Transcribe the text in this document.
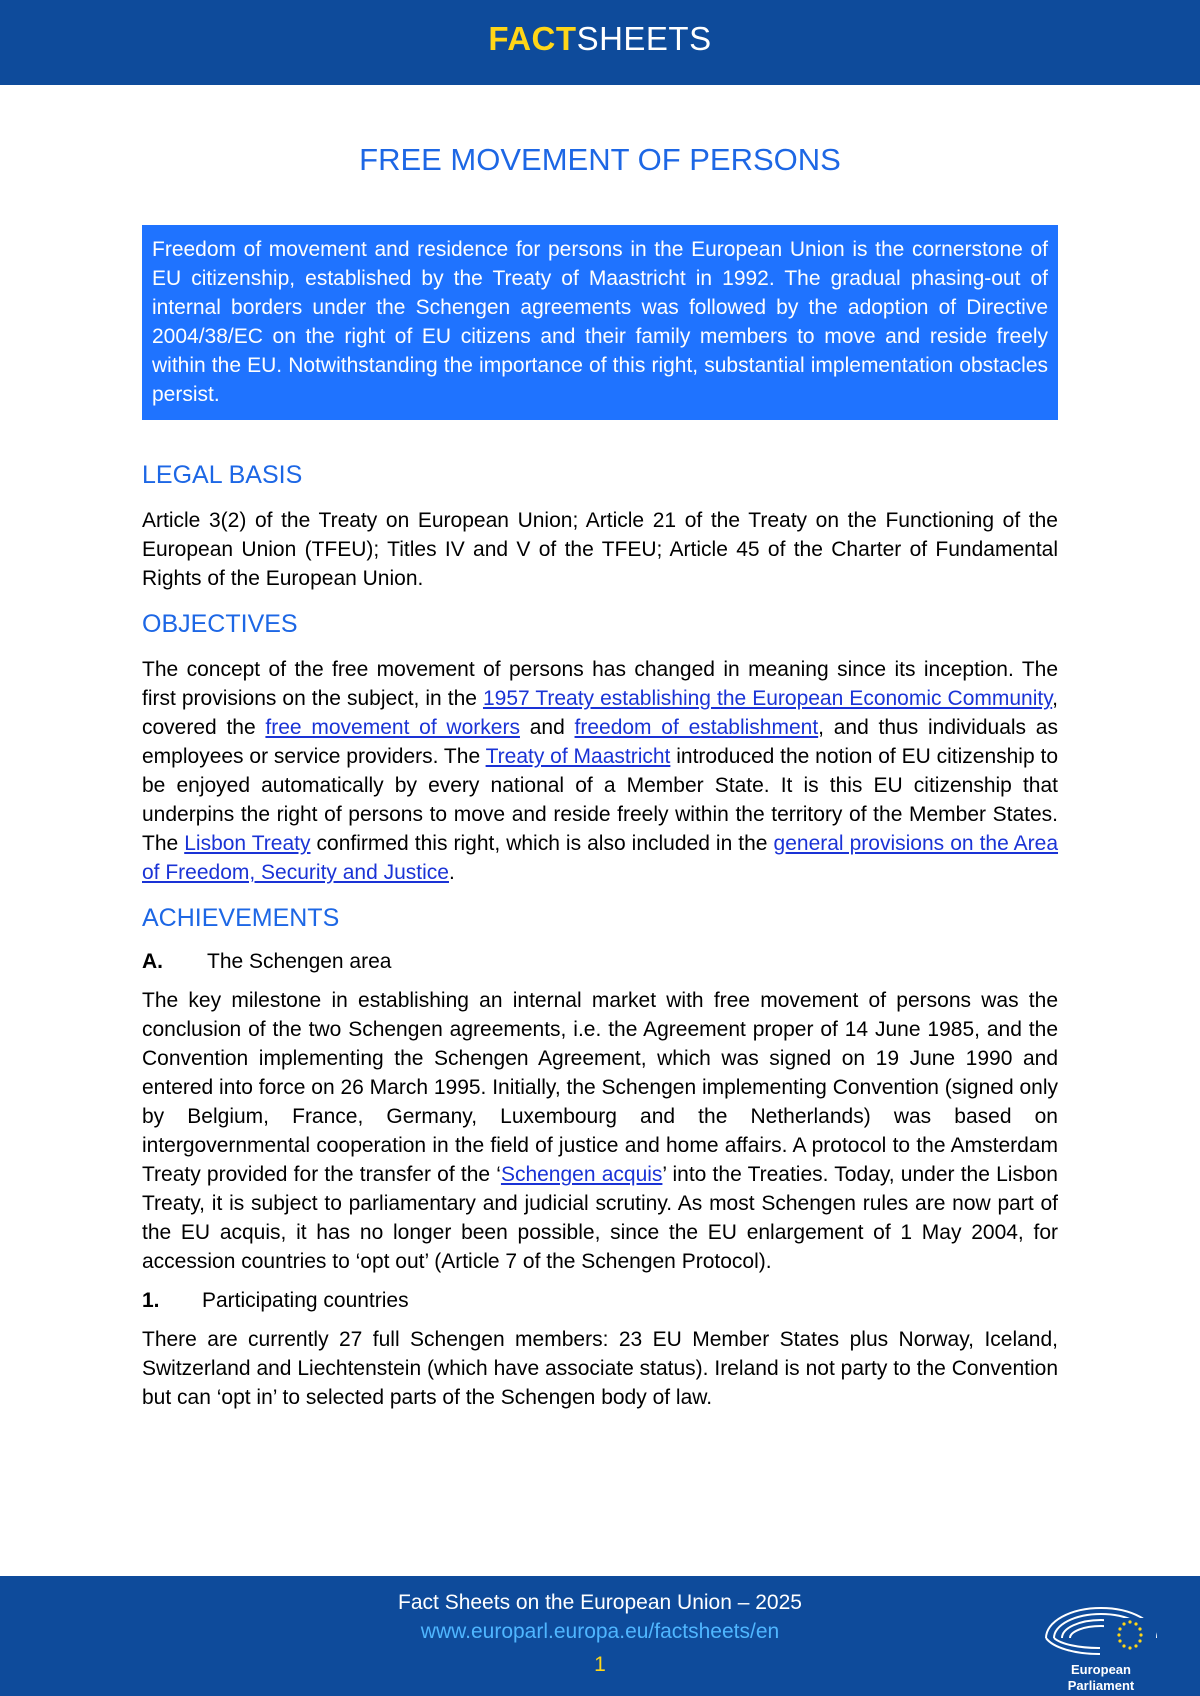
FACTSHEETS
FREE MOVEMENT OF PERSONS
Freedom of movement and residence for persons in the European Union is the cornerstone of EU citizenship, established by the Treaty of Maastricht in 1992. The gradual phasing-out of internal borders under the Schengen agreements was followed by the adoption of Directive 2004/38/EC on the right of EU citizens and their family members to move and reside freely within the EU. Notwithstanding the importance of this right, substantial implementation obstacles persist.
LEGAL BASIS

Article 3(2) of the Treaty on European Union; Article 21 of the Treaty on the Functioning of the European Union (TFEU); Titles IV and V of the TFEU; Article 45 of the Charter of Fundamental Rights of the European Union.

OBJECTIVES

The concept of the free movement of persons has changed in meaning since its inception. The first provisions on the subject, in the 1957 Treaty establishing the European Economic Community, covered the free movement of workers and freedom of establishment, and thus individuals as employees or service providers. The Treaty of Maastricht introduced the notion of EU citizenship to be enjoyed automatically by every national of a Member State. It is this EU citizenship that underpins the right of persons to move and reside freely within the territory of the Member States. The Lisbon Treaty confirmed this right, which is also included in the general provisions on the Area of Freedom, Security and Justice.

ACHIEVEMENTS
A.	The Schengen area

The key milestone in establishing an internal market with free movement of persons was the conclusion of the two Schengen agreements, i.e. the Agreement proper of 14 June 1985, and the Convention implementing the Schengen Agreement, which was signed on 19 June 1990 and entered into force on 26 March 1995. Initially, the Schengen implementing Convention (signed only by Belgium, France, Germany, Luxembourg and the Netherlands) was based on intergovernmental cooperation in the field of justice and home affairs. A protocol to the Amsterdam Treaty provided for the transfer of the ‘Schengen acquis’ into the Treaties. Today, under the Lisbon Treaty, it is subject to parliamentary and judicial scrutiny. As most Schengen rules are now part of the EU acquis, it has no longer been possible, since the EU enlargement of 1 May 2004, for accession countries to ‘opt out’ (Article 7 of the Schengen Protocol).

1.	Participating countries

There are currently 27 full Schengen members: 23 EU Member States plus Norway, Iceland, Switzerland and Liechtenstein (which have associate status). Ireland is not party to the Convention but can ‘opt in’ to selected parts of the Schengen body of law.

Fact Sheets on the European Union – 2025
www.europarl.europa.eu/factsheets/en
1	European Parliament
